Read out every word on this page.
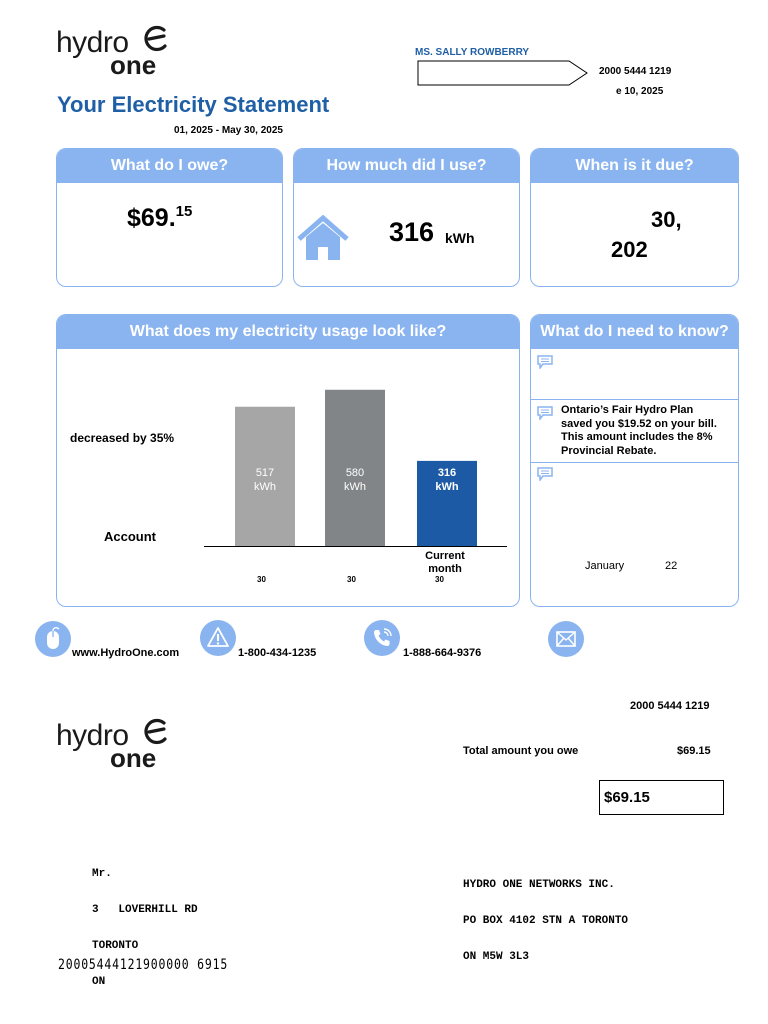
hydro
one
Your Electricity Statement
01, 2025 - May 30, 2025
MS. SALLY ROWBERRY
2000 5444 1219
e 10, 2025
What do I owe?
$69.15
How much did I use?
316 kWh
When is it due?
30,
202
What does my electricity usage look like?
decreased by 35%
Account
517
kWh
30
580
kWh
30
316
kWh
Current
month
30
What do I need to know?
Ontario’s Fair Hydro Plan
saved you $19.52 on your bill.
This amount includes the 8%
Provincial Rebate.
January	22
www.HydroOne.com	1-800-434-1235	1-888-664-9376
2000 5444 1219
hydro
one	Total amount you owe	$69.15
$69.15

Mr.

3   LOVERHILL RD

TORONTO

ON

HYDRO ONE NETWORKS INC.

PO BOX 4102 STN A TORONTO

ON M5W 3L3

20005444121900000 6915
